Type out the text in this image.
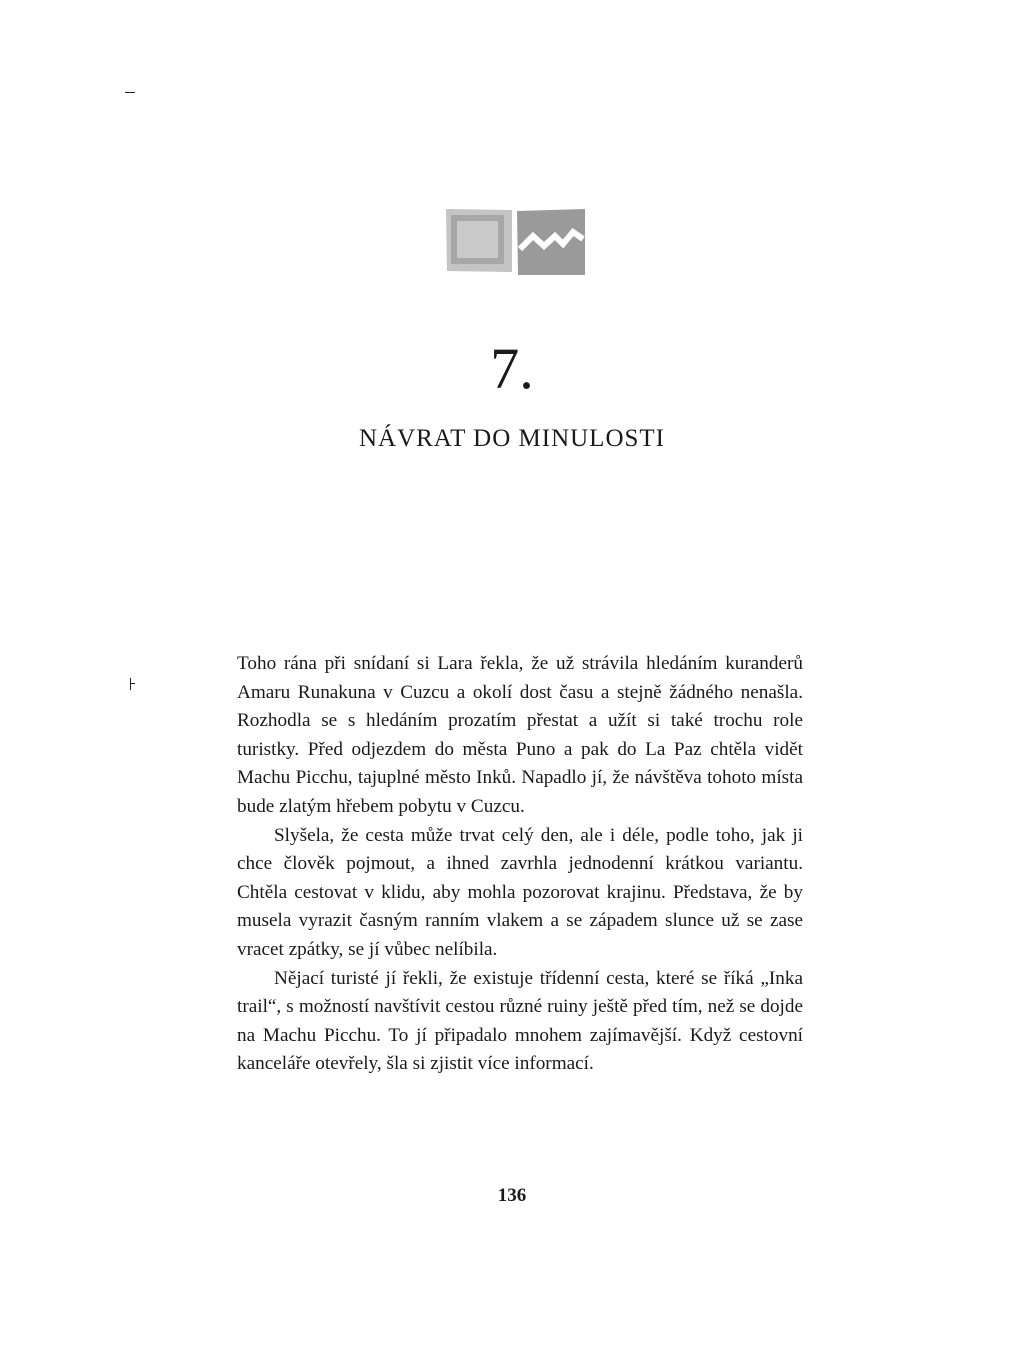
7.
NÁVRAT DO MINULOSTI

Toho rána při snídaní si Lara řekla, že už strávila hledáním kuranderů Amaru Runakuna v Cuzcu a okolí dost času a stejně žádného nenašla. Rozhodla se s hledáním prozatím přestat a užít si také trochu role turistky. Před odjezdem do města Puno a pak do La Paz chtěla vidět Machu Picchu, tajuplné město Inků. Napadlo jí, že návštěva tohoto místa bude zlatým hřebem pobytu v Cuzcu.

Slyšela, že cesta může trvat celý den, ale i déle, podle toho, jak ji chce člověk pojmout, a ihned zavrhla jednodenní krátkou variantu. Chtěla cestovat v klidu, aby mohla pozorovat krajinu. Představa, že by musela vyrazit časným ranním vlakem a se západem slunce už se zase vracet zpátky, se jí vůbec nelíbila.

Nějací turisté jí řekli, že existuje třídenní cesta, které se říká „Inka trail“, s možností navštívit cestou různé ruiny ještě před tím, než se dojde na Machu Picchu. To jí připadalo mnohem zajímavější. Když cestovní kanceláře otevřely, šla si zjistit více informací.

136
